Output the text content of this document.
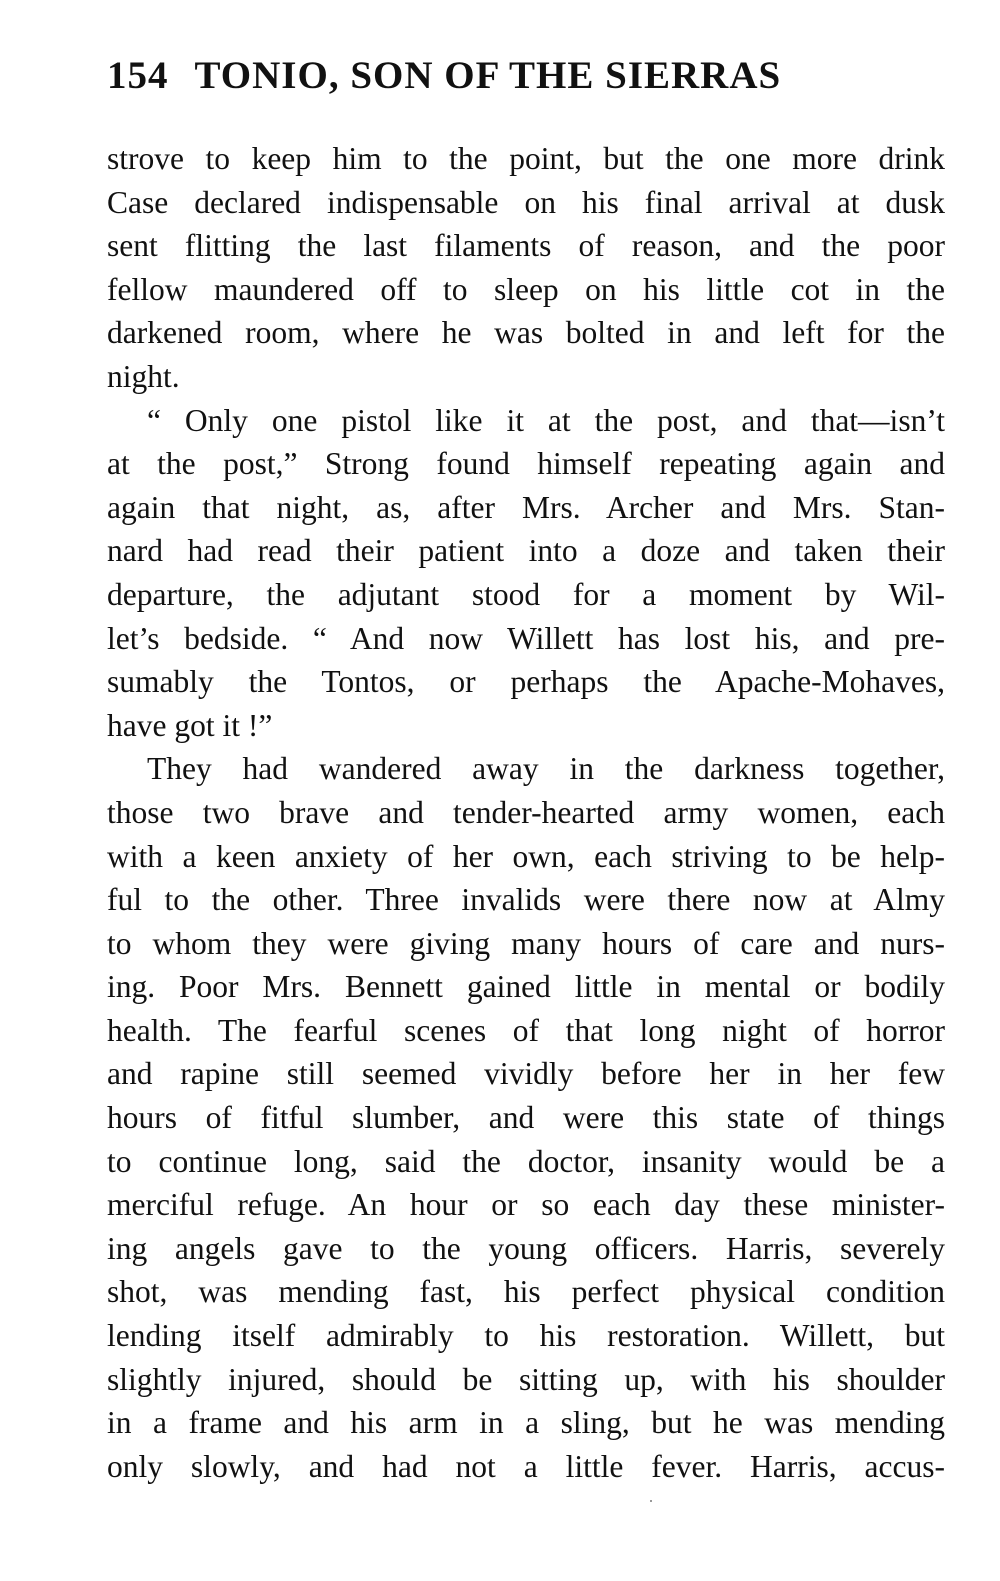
154 TONIO, SON OF THE SIERRAS
strove to keep him to the point, but the one more drink
Case declared indispensable on his final arrival at dusk
sent flitting the last filaments of reason, and the poor
fellow maundered off to sleep on his little cot in the
darkened room, where he was bolted in and left for the
night.
“ Only one pistol like it at the post, and that—isn’t
at the post,” Strong found himself repeating again and
again that night, as, after Mrs. Archer and Mrs. Stan-
nard had read their patient into a doze and taken their
departure, the adjutant stood for a moment by Wil-
let’s bedside. “ And now Willett has lost his, and pre-
sumably the Tontos, or perhaps the Apache-Mohaves,
have got it !”
They had wandered away in the darkness together,
those two brave and tender-hearted army women, each
with a keen anxiety of her own, each striving to be help-
ful to the other. Three invalids were there now at Almy
to whom they were giving many hours of care and nurs-
ing. Poor Mrs. Bennett gained little in mental or bodily
health. The fearful scenes of that long night of horror
and rapine still seemed vividly before her in her few
hours of fitful slumber, and were this state of things
to continue long, said the doctor, insanity would be a
merciful refuge. An hour or so each day these minister-
ing angels gave to the young officers. Harris, severely
shot, was mending fast, his perfect physical condition
lending itself admirably to his restoration. Willett, but
slightly injured, should be sitting up, with his shoulder
in a frame and his arm in a sling, but he was mending
only slowly, and had not a little fever. Harris, accus-
